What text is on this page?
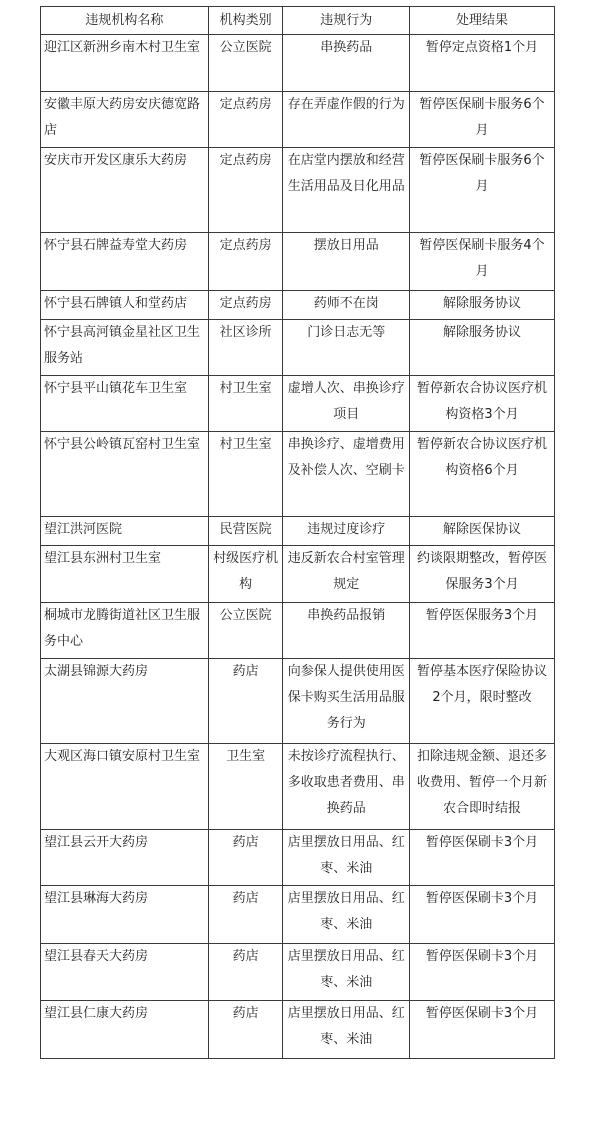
违规机构名称	机构类别	违规行为	处理结果
迎江区新洲乡南木村卫生室	公立医院	串换药品	暂停定点资格1个月
安徽丰原大药房安庆德宽路店	定点药房	存在弄虚作假的行为	暂停医保刷卡服务6个月
安庆市开发区康乐大药房	定点药房	在店堂内摆放和经营生活用品及日化用品	暂停医保刷卡服务6个月
怀宁县石牌益寿堂大药房	定点药房	摆放日用品	暂停医保刷卡服务4个月
怀宁县石牌镇人和堂药店	定点药房	药师不在岗	解除服务协议
怀宁县高河镇金星社区卫生服务站	社区诊所	门诊日志无等	解除服务协议
怀宁县平山镇花车卫生室	村卫生室	虚增人次、串换诊疗项目	暂停新农合协议医疗机构资格3个月
怀宁县公岭镇瓦窑村卫生室	村卫生室	串换诊疗、虚增费用及补偿人次、空刷卡	暂停新农合协议医疗机构资格6个月
望江洪河医院	民营医院	违规过度诊疗	解除医保协议
望江县东洲村卫生室	村级医疗机构	违反新农合村室管理规定	约谈限期整改，暂停医保服务3个月
桐城市龙腾街道社区卫生服务中心	公立医院	串换药品报销	暂停医保服务3个月
太湖县锦源大药房	药店	向参保人提供使用医保卡购买生活用品服务行为	暂停基本医疗保险协议2个月，限时整改
大观区海口镇安原村卫生室	卫生室	未按诊疗流程执行、多收取患者费用、串换药品	扣除违规金额、退还多收费用、暂停一个月新农合即时结报
望江县云开大药房	药店	店里摆放日用品、红枣、米油	暂停医保刷卡3个月
望江县琳海大药房	药店	店里摆放日用品、红枣、米油	暂停医保刷卡3个月
望江县春天大药房	药店	店里摆放日用品、红枣、米油	暂停医保刷卡3个月
望江县仁康大药房	药店	店里摆放日用品、红枣、米油	暂停医保刷卡3个月
